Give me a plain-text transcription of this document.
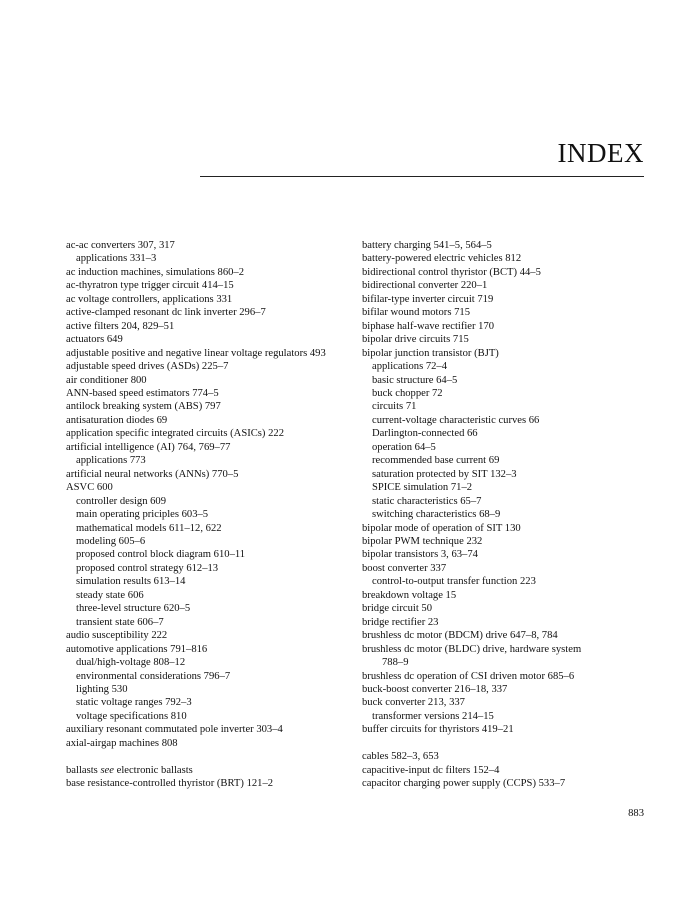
INDEX
ac-ac converters 307, 317
applications 331–3
ac induction machines, simulations 860–2
ac-thyratron type trigger circuit 414–15
ac voltage controllers, applications 331
active-clamped resonant dc link inverter 296–7
active filters 204, 829–51
actuators 649
adjustable positive and negative linear voltage regulators 493
adjustable speed drives (ASDs) 225–7
air conditioner 800
ANN-based speed estimators 774–5
antilock breaking system (ABS) 797
antisaturation diodes 69
application specific integrated circuits (ASICs) 222
artificial intelligence (AI) 764, 769–77
applications 773
artificial neural networks (ANNs) 770–5
ASVC 600
controller design 609
main operating priciples 603–5
mathematical models 611–12, 622
modeling 605–6
proposed control block diagram 610–11
proposed control strategy 612–13
simulation results 613–14
steady state 606
three-level structure 620–5
transient state 606–7
audio susceptibility 222
automotive applications 791–816
dual/high-voltage 808–12
environmental considerations 796–7
lighting 530
static voltage ranges 792–3
voltage specifications 810
auxiliary resonant commutated pole inverter 303–4
axial-airgap machines 808
ballasts see electronic ballasts
base resistance-controlled thyristor (BRT) 121–2
battery charging 541–5, 564–5
battery-powered electric vehicles 812
bidirectional control thyristor (BCT) 44–5
bidirectional converter 220–1
bifilar-type inverter circuit 719
bifilar wound motors 715
biphase half-wave rectifier 170
bipolar drive circuits 715
bipolar junction transistor (BJT)
applications 72–4
basic structure 64–5
buck chopper 72
circuits 71
current-voltage characteristic curves 66
Darlington-connected 66
operation 64–5
recommended base current 69
saturation protected by SIT 132–3
SPICE simulation 71–2
static characteristics 65–7
switching characteristics 68–9
bipolar mode of operation of SIT 130
bipolar PWM technique 232
bipolar transistors 3, 63–74
boost converter 337
control-to-output transfer function 223
breakdown voltage 15
bridge circuit 50
bridge rectifier 23
brushless dc motor (BDCM) drive 647–8, 784
brushless dc motor (BLDC) drive, hardware system
788–9
brushless dc operation of CSI driven motor 685–6
buck-boost converter 216–18, 337
buck converter 213, 337
transformer versions 214–15
buffer circuits for thyristors 419–21
cables 582–3, 653
capacitive-input dc filters 152–4
capacitor charging power supply (CCPS) 533–7
883
